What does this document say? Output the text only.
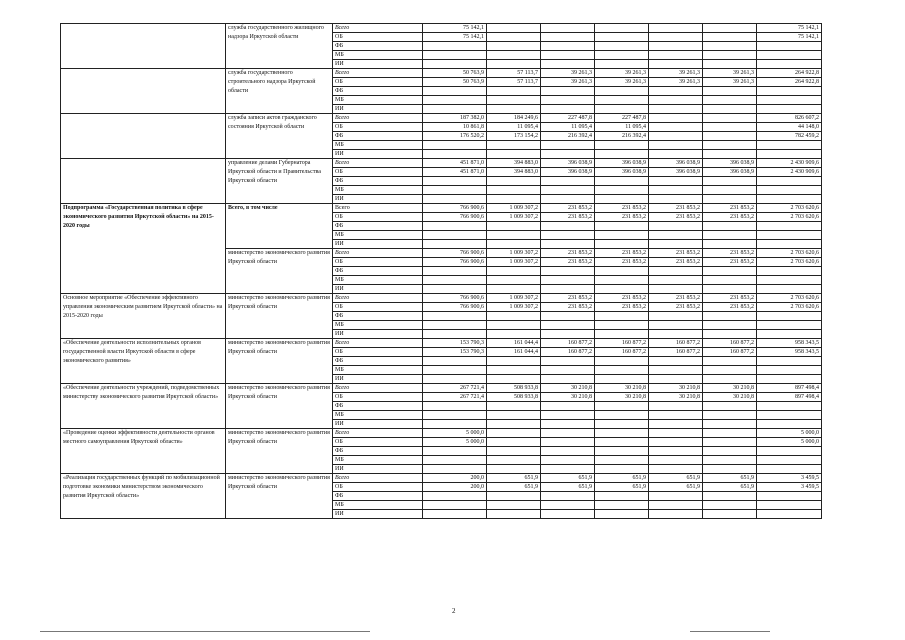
	служба государственного жилищного надзора Иркутской области	Всего	75 142,1						75 142,1
		ОБ	75 142,1						75 142,1
		ФБ							
		МБ							
		ИИ							
	служба государственного строительного надзора Иркутской области	Всего	50 763,9	57 113,7	39 261,3	39 261,3	39 261,3	39 261,3	264 922,8
		ОБ	50 763,9	57 113,7	39 261,3	39 261,3	39 261,3	39 261,3	264 922,8
		ФБ							
		МБ							
		ИИ							
	служба записи актов гражданского состояния Иркутской области	Всего	187 382,0	184 249,6	227 487,8	227 487,8			826 607,2
		ОБ	10 861,8	11 095,4	11 095,4	11 095,4			44 148,0
		ФБ	176 520,2	173 154,2	216 392,4	216 392,4			782 459,2
		МБ							
		ИИ							
	управление делами Губернатора Иркутской области и Правительства Иркутской области	Всего	451 871,0	394 883,0	396 038,9	396 038,9	396 038,9	396 038,9	2 430 909,6
		ОБ	451 871,0	394 883,0	396 038,9	396 038,9	396 038,9	396 038,9	2 430 909,6
		ФБ							
		МБ							
		ИИ							
Подпрограмма «Государственная политика в сфере экономического развития Иркутской области» на 2015-2020 годы	Всего, в том числе	Всего	766 900,6	1 009 307,2	231 853,2	231 853,2	231 853,2	231 853,2	2 703 620,6
		ОБ	766 900,6	1 009 307,2	231 853,2	231 853,2	231 853,2	231 853,2	2 703 620,6
		ФБ							
		МБ							
		ИИ							
	министерство экономического развития Иркутской области	Всего	766 900,6	1 009 307,2	231 853,2	231 853,2	231 853,2	231 853,2	2 703 620,6
		ОБ	766 900,6	1 009 307,2	231 853,2	231 853,2	231 853,2	231 853,2	2 703 620,6
		ФБ							
		МБ							
		ИИ							
Основное мероприятие «Обеспечение эффективного управления экономическим развитием Иркутской области» на 2015-2020 годы	министерство экономического развития Иркутской области	Всего	766 900,6	1 009 307,2	231 853,2	231 853,2	231 853,2	231 853,2	2 703 620,6
		ОБ	766 900,6	1 009 307,2	231 853,2	231 853,2	231 853,2	231 853,2	2 703 620,6
		ФБ							
		МБ							
		ИИ							
«Обеспечение деятельности исполнительных органов государственной власти Иркутской области в сфере экономического развития»	министерство экономического развития Иркутской области	Всего	153 790,3	161 044,4	160 877,2	160 877,2	160 877,2	160 877,2	958 343,5
		ОБ	153 790,3	161 044,4	160 877,2	160 877,2	160 877,2	160 877,2	958 343,5
		ФБ							
		МБ							
		ИИ							
«Обеспечение деятельности учреждений, подведомственных министерству экономического развития Иркутской области»	министерство экономического развития Иркутской области	Всего	267 721,4	508 933,8	30 210,8	30 210,8	30 210,8	30 210,8	897 498,4
		ОБ	267 721,4	508 933,8	30 210,8	30 210,8	30 210,8	30 210,8	897 498,4
		ФБ							
		МБ							
		ИИ							
«Проведение оценки эффективности деятельности органов местного самоуправления Иркутской области»	министерство экономического развития Иркутской области	Всего	5 000,0						5 000,0
		ОБ	5 000,0						5 000,0
		ФБ							
		МБ							
		ИИ							
«Реализация государственных функций по мобилизационной подготовке экономики министерством экономического развития Иркутской области»	министерство экономического развития Иркутской области	Всего	200,0	651,9	651,9	651,9	651,9	651,9	3 459,5
		ОБ	200,0	651,9	651,9	651,9	651,9	651,9	3 459,5
		ФБ							
		МБ							
		ИИ							
2
